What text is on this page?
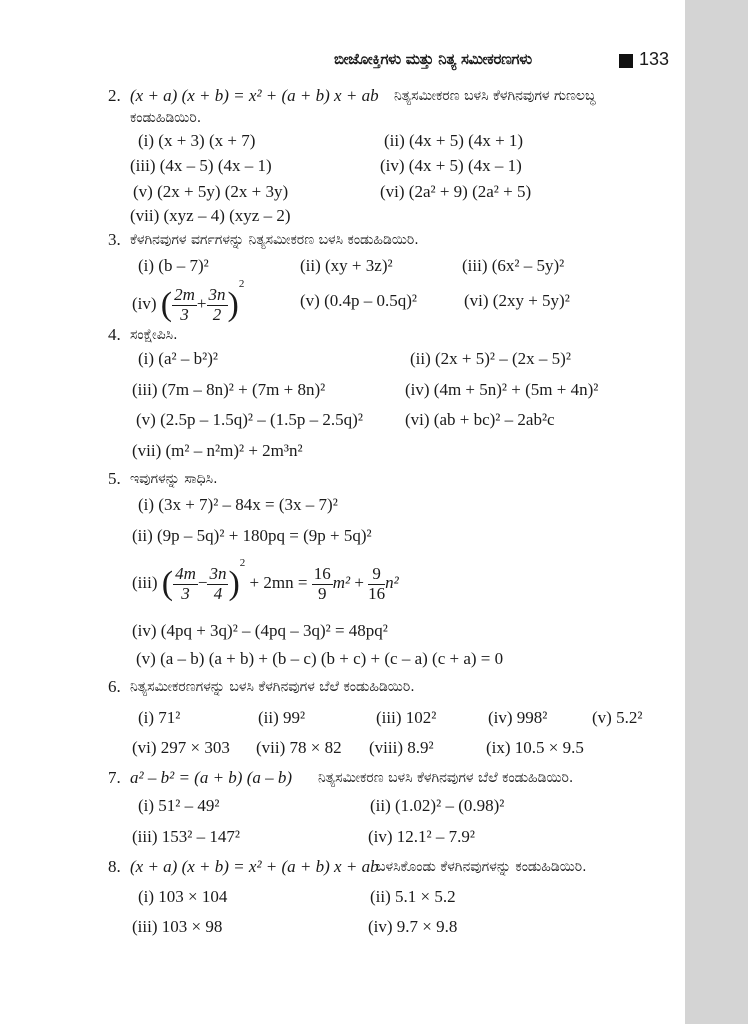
ಬೀಜೋಕ್ತಿಗಳು ಮತ್ತು ನಿತ್ಯ ಸಮೀಕರಣಗಳು	133
2. (x + a) (x + b) = x² + (a + b) x + ab ನಿತ್ಯಸಮೀಕರಣ ಬಳಸಿ ಕೆಳಗಿನವುಗಳ ಗುಣಲಬ್ಧ
ಕಂಡುಹಿಡಿಯಿರಿ.
(i) (x + 3) (x + 7)	(ii) (4x + 5) (4x + 1)
(iii) (4x – 5) (4x – 1)	(iv) (4x + 5) (4x – 1)
(v) (2x + 5y) (2x + 3y)	(vi) (2a² + 9) (2a² + 5)
(vii) (xyz – 4) (xyz – 2)
3. ಕೆಳಗಿನವುಗಳ ವರ್ಗಗಳನ್ನು ನಿತ್ಯಸಮೀಕರಣ ಬಳಸಿ ಕಂಡುಹಿಡಿಯಿರಿ.
(i) (b – 7)²	(ii) (xy + 3z)²	(iii) (6x² – 5y)²
(iv) ( $\frac{2m}{3} + \frac{3n}{2} )^2$
(v) (0.4p – 0.5q)²	(vi) (2xy + 5y)²
4. ಸಂಕ್ಷೇಪಿಸಿ.
(i) (a² – b²)²	(ii) (2x + 5)² – (2x – 5)²
(iii) (7m – 8n)² + (7m + 8n)²	(iv) (4m + 5n)² + (5m + 4n)²
(v) (2.5p – 1.5q)² – (1.5p – 2.5q)² (vi) (ab + bc)² – 2ab²c
(vii) (m² – n²m)² + 2m³n²
5. ಇವುಗಳನ್ನು ಸಾಧಿಸಿ.
(i) (3x + 7)² – 84x = (3x – 7)²
(ii) (9p – 5q)² + 180pq = (9p + 5q)²
(iii) ( $\frac{4m}{3} - \frac{3n}{4} )^2 + 2mn = \frac{16}{9} m^2 + \frac{9}{16} n^2$
(iv) (4pq + 3q)² – (4pq – 3q)² = 48pq²
(v) (a – b) (a + b) + (b – c) (b + c) + (c – a) (c + a) = 0
6. ನಿತ್ಯಸಮೀಕರಣಗಳನ್ನು ಬಳಸಿ ಕೆಳಗಿನವುಗಳ ಬೆಲೆ ಕಂಡುಹಿಡಿಯಿರಿ.
(i) 71²	(ii) 99²	(iii) 102²	(iv) 998²	(v) 5.2²
(vi) 297 × 303 (vii) 78 × 82 (viii) 8.9²	(ix) 10.5 × 9.5
7. a² – b² = (a + b) (a – b) ನಿತ್ಯಸಮೀಕರಣ ಬಳಸಿ ಕೆಳಗಿನವುಗಳ ಬೆಲೆ ಕಂಡುಹಿಡಿಯಿರಿ.
(i) 51² – 49²	(ii) (1.02)² – (0.98)²
(iii) 153² – 147²	(iv) 12.1² – 7.9²
8. (x + a) (x + b) = x² + (a + b) x + ab
ಬಳಸಿಕೊಂಡು ಕೆಳಗಿನವುಗಳನ್ನು ಕಂಡುಹಿಡಿಯಿರಿ.
(i) 103 × 104	(ii) 5.1 × 5.2
(iii) 103 × 98	(iv) 9.7 × 9.8
